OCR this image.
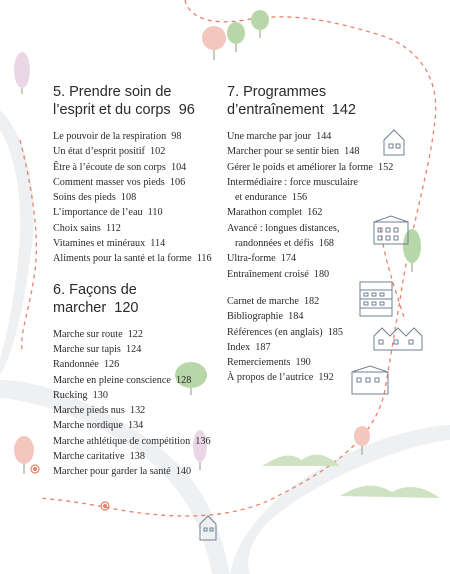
5. Prendre soin de l’esprit et du corps 96
Le pouvoir de la respiration 98
Un état d’esprit positif 102
Être à l’écoute de son corps 104
Comment masser vos pieds 106
Soins des pieds 108
L’importance de l’eau 110
Choix sains 112
Vitamines et minéraux 114
Aliments pour la santé et la forme 116
6. Façons de marcher 120
Marche sur route 122
Marche sur tapis 124
Randonnée 126
Marche en pleine conscience 128
Rucking 130
Marche pieds nus 132
Marche nordique 134
Marche athlétique de compétition 136
Marche caritative 138
Marcher pour garder la santé 140
7. Programmes d’entraînement 142
Une marche par jour 144
Marcher pour se sentir bien 148
Gérer le poids et améliorer la forme 152
Intermédiaire : force musculaire
et endurance 156
Marathon complet 162
Avancé : longues distances,
randonnées et défis 168
Ultra-forme 174
Entraînement croisé 180
Carnet de marche 182
Bibliographie 184
Références (en anglais) 185
Index 187
Remerciements 190
À propos de l’autrice 192
